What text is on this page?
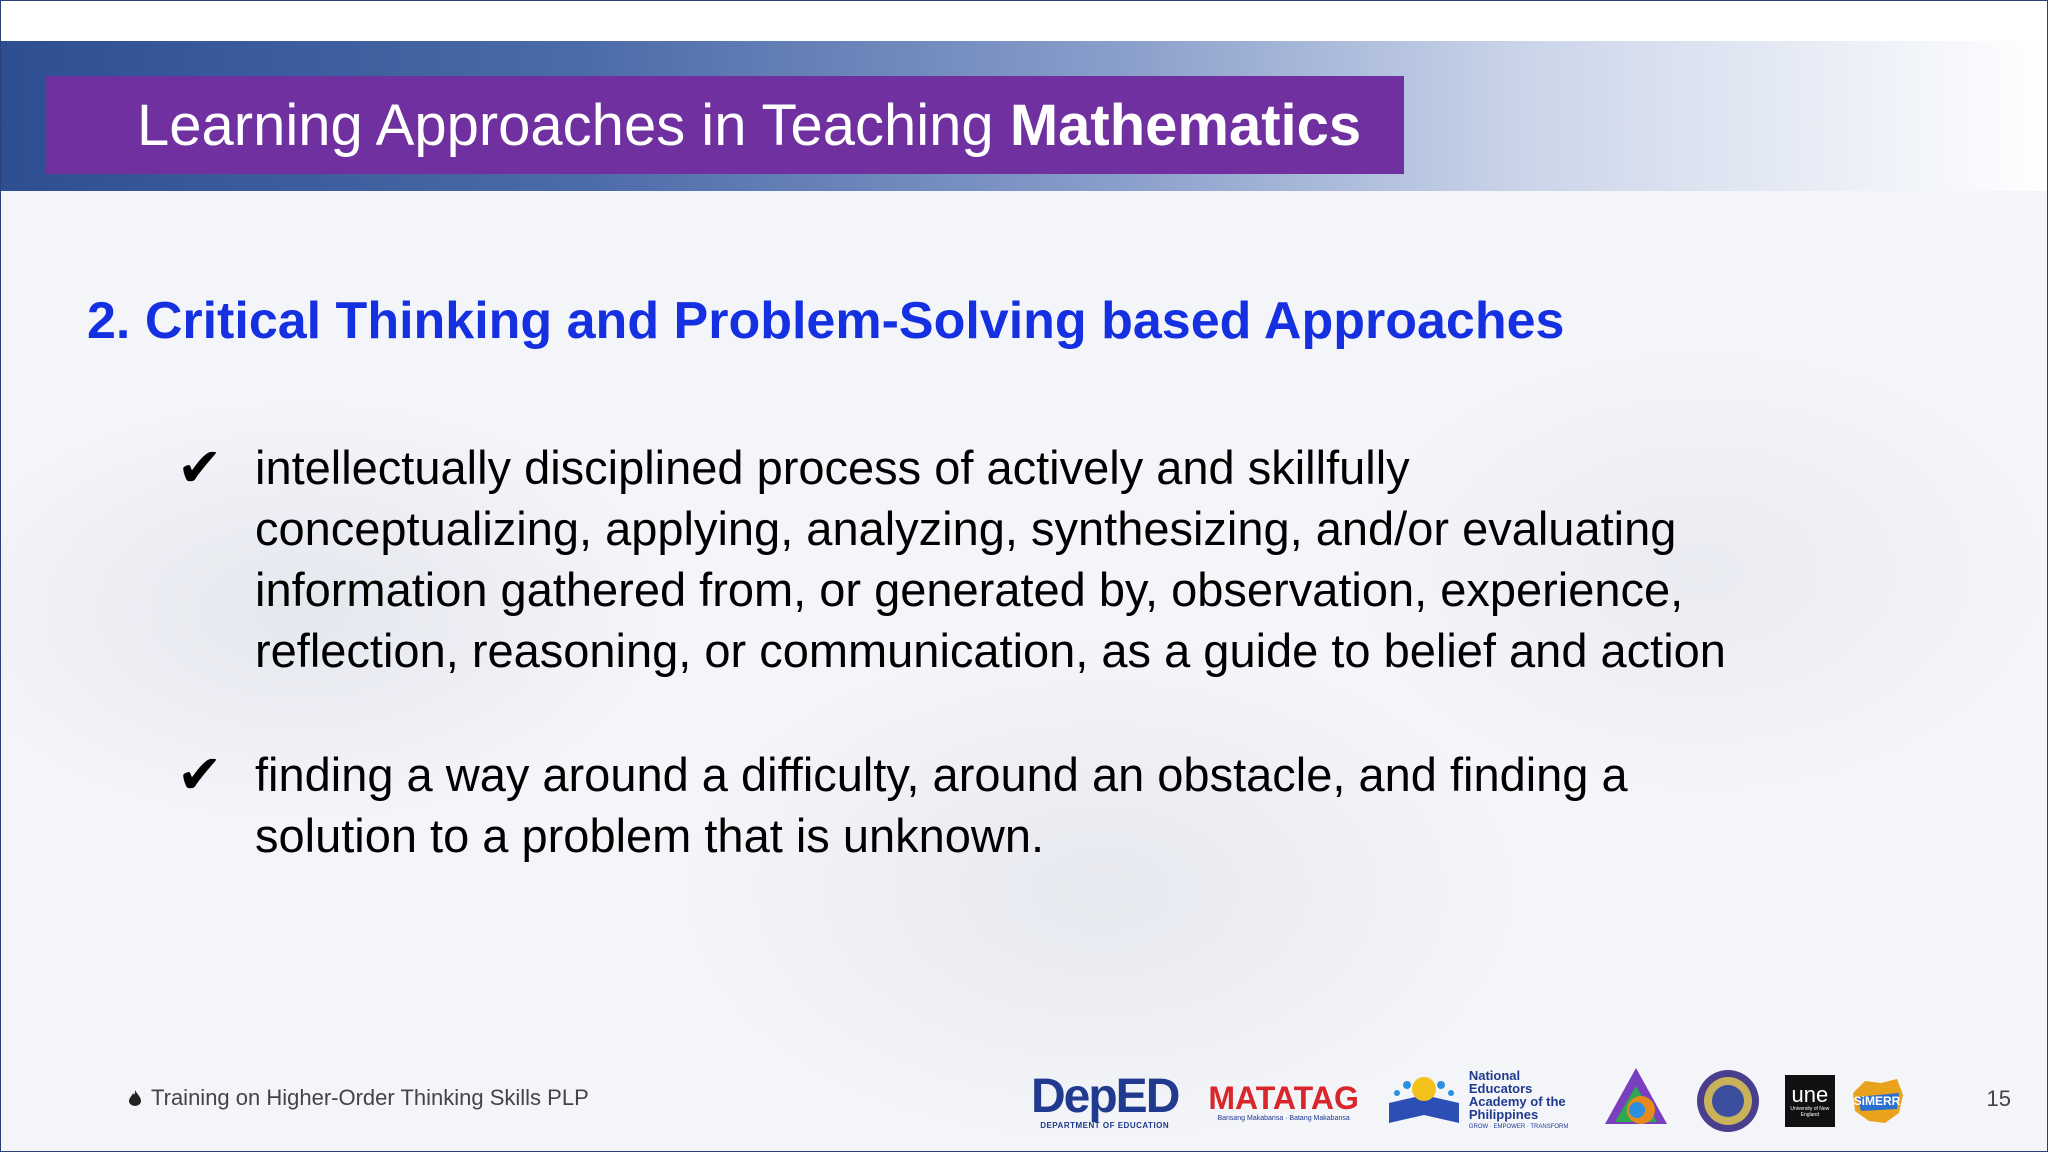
Learning Approaches in Teaching Mathematics
2. Critical Thinking and Problem-Solving based Approaches
✔ intellectually disciplined process of actively and skillfully
conceptualizing, applying, analyzing, synthesizing, and/or evaluating
information gathered from, or generated by, observation, experience,
reflection, reasoning, or communication, as a guide to belief and action
✔ finding a way around a difficulty, around an obstacle, and finding a
solution to a problem that is unknown.
Training on Higher-Order Thinking Skills PLP	DepED
DEPARTMENT OF EDUCATION
MATATAG
Bansang Makabansa · Batang Makabansa
National Educators Academy of the Philippines
GROW · EMPOWER · TRANSFORM
une
University of New England
SiMERR	15
